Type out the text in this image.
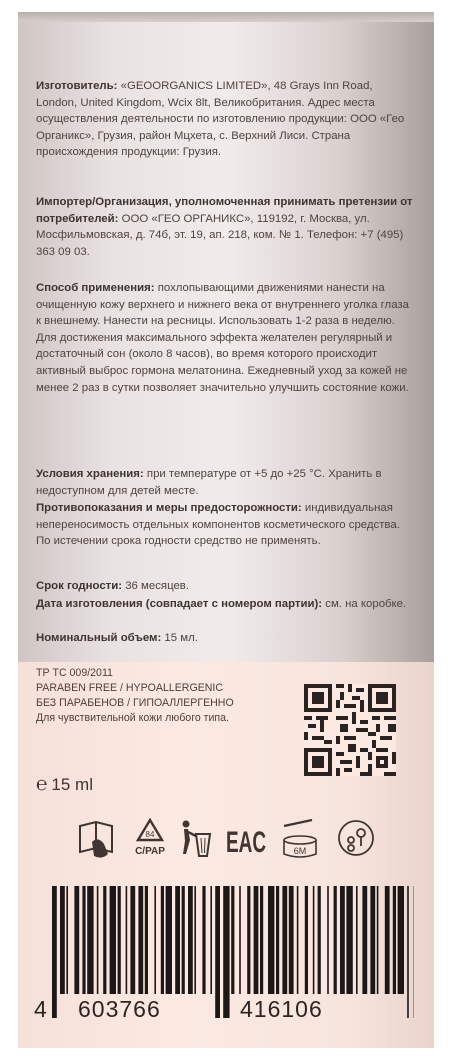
Изготовитель: «GEOORGANICS LIMITED», 48 Grays Inn Road, London, United Kingdom, Wcix 8lt, Великобритания. Адрес места осуществления деятельности по изготовлению продукции: ООО «Гео Органикс», Грузия, район Мцхета, с. Верхний Лиси. Страна происхождения продукции: Грузия.

Импортер/Организация, уполномоченная принимать претензии от потребителей: ООО «ГЕО ОРГАНИКС», 119192, г. Москва, ул. Мосфильмовская, д. 74б, эт. 19, ап. 218, ком. № 1. Телефон: +7 (495) 363 09 03.

Способ применения: похлопывающими движениями нанести на очищенную кожу верхнего и нижнего века от внутреннего уголка глаза к внешнему. Нанести на ресницы. Использовать 1-2 раза в неделю. Для достижения максимального эффекта желателен регулярный и достаточный сон (около 8 часов), во время которого происходит активный выброс гормона мелатонина. Ежедневный уход за кожей не менее 2 раз в сутки позволяет значительно улучшить состояние кожи.

Условия хранения: при температуре от +5 до +25 °C. Хранить в недоступном для детей месте.

Противопоказания и меры предосторожности: индивидуальная непереносимость отдельных компонентов косметического средства. По истечении срока годности средство не применять.

Срок годности: 36 месяцев.

Дата изготовления (совпадает с номером партии): см. на коробке.

Номинальный объем: 15 мл.

ТР ТС 009/2011
PARABEN FREE / HYPOALLERGENIC
БЕЗ ПАРАБЕНОВ / ГИПОАЛЛЕРГЕННО
Для чувствительной кожи любого типа.
℮ 15 ml
84
C/PAP EAC	6M
4 603766	416106
